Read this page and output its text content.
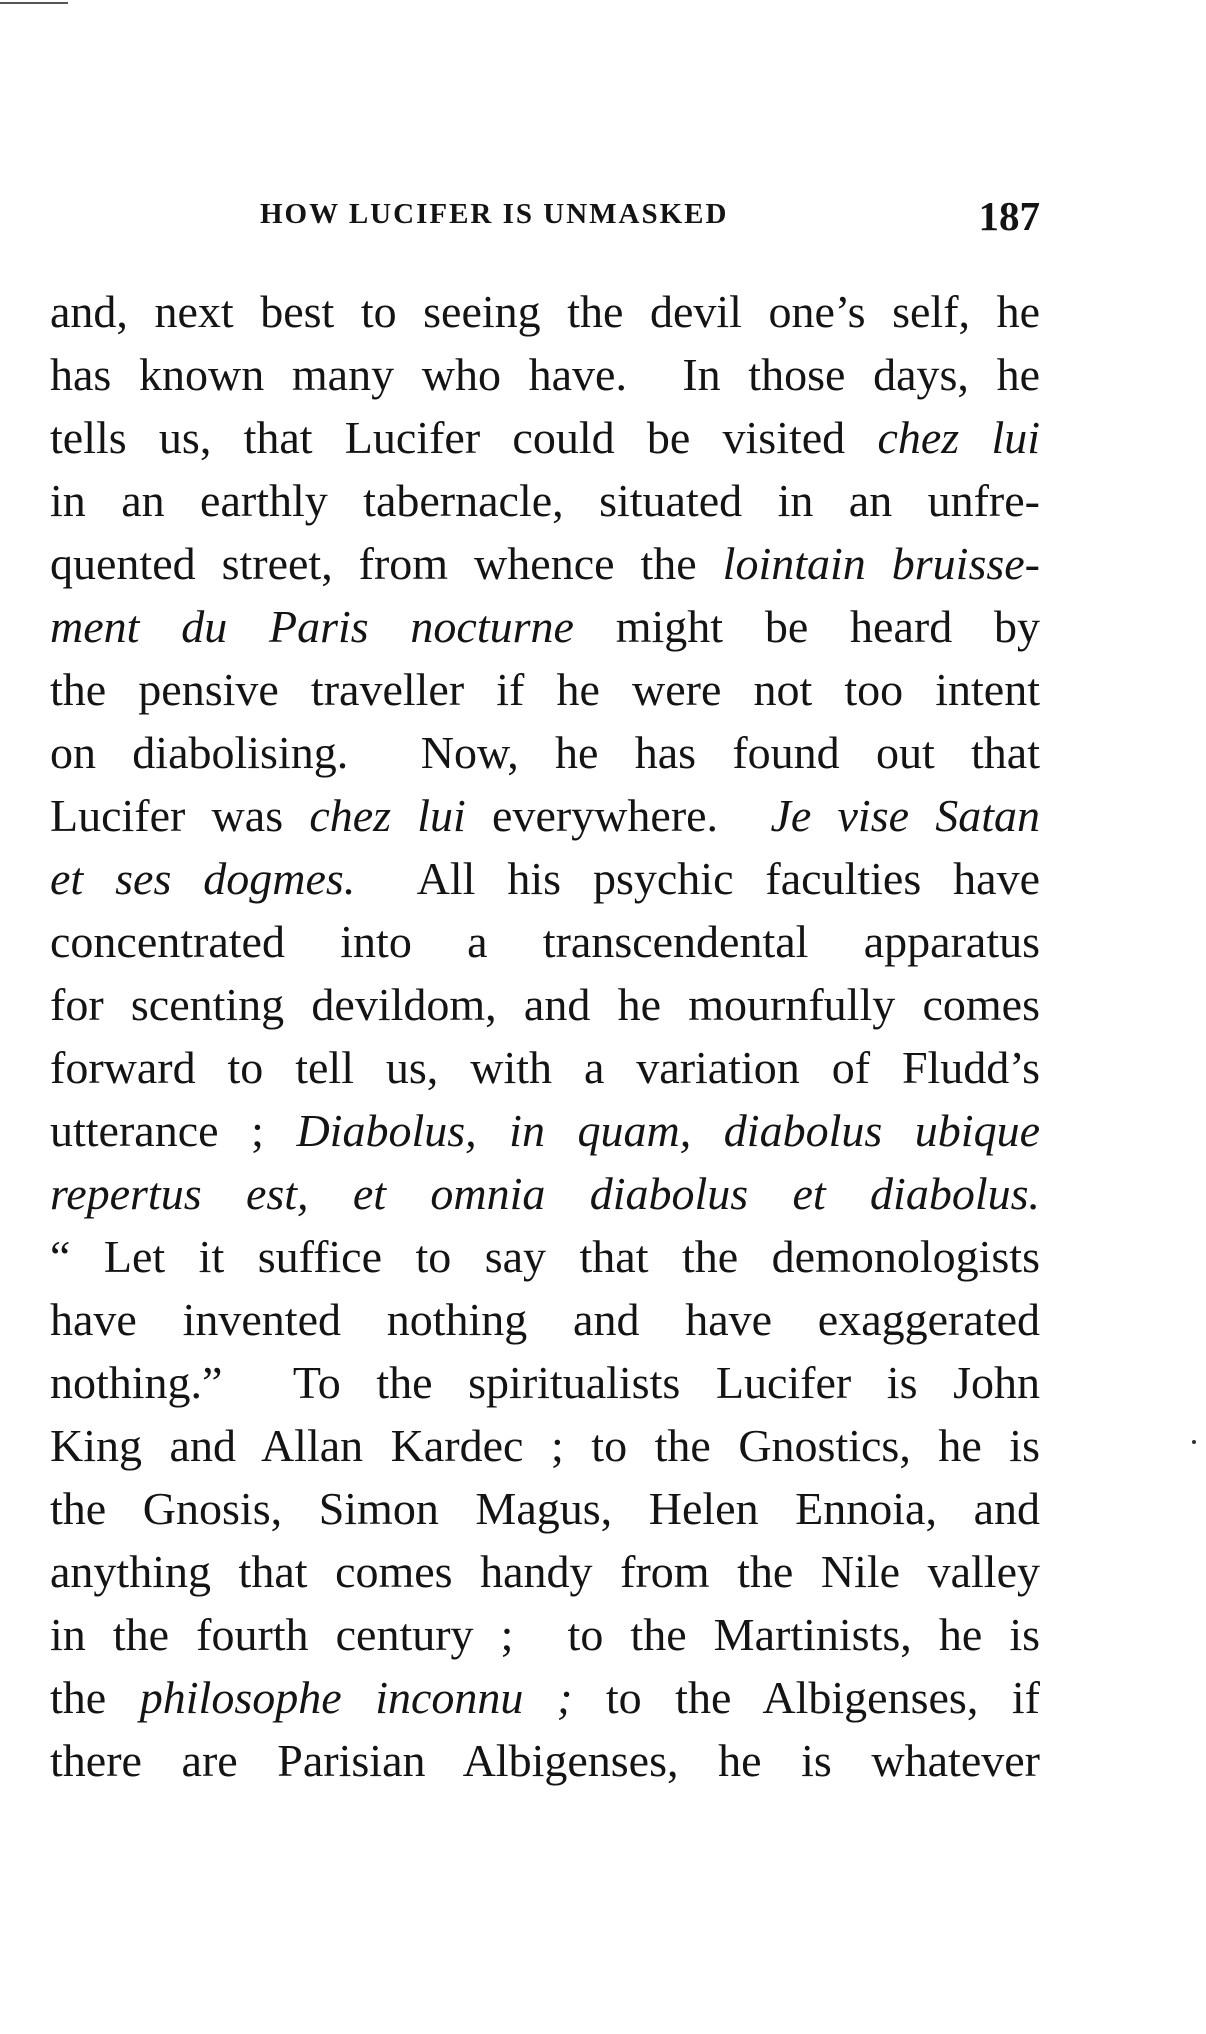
HOW LUCIFER IS UNMASKED	187
and, next best to seeing the devil one’s self, he
has known many who have.  In those days, he
tells us, that Lucifer could be visited chez lui
in an earthly tabernacle, situated in an unfre-
quented street, from whence the lointain bruisse-
ment du Paris nocturne might be heard by
the pensive traveller if he were not too intent
on diabolising.  Now, he has found out that
Lucifer was chez lui everywhere.  Je vise Satan
et ses dogmes.  All his psychic faculties have
concentrated into a transcendental apparatus
for scenting devildom, and he mournfully comes
forward to tell us, with a variation of Fludd’s
utterance ; Diabolus, in quam, diabolus ubique
repertus est, et omnia diabolus et diabolus.
“ Let it suffice to say that the demonologists
have invented nothing and have exaggerated
nothing.”  To the spiritualists Lucifer is John
King and Allan Kardec ; to the Gnostics, he is
the Gnosis, Simon Magus, Helen Ennoia, and
anything that comes handy from the Nile valley
in the fourth century ;  to the Martinists, he is
the philosophe inconnu ; to the Albigenses, if
there are Parisian Albigenses, he is whatever
